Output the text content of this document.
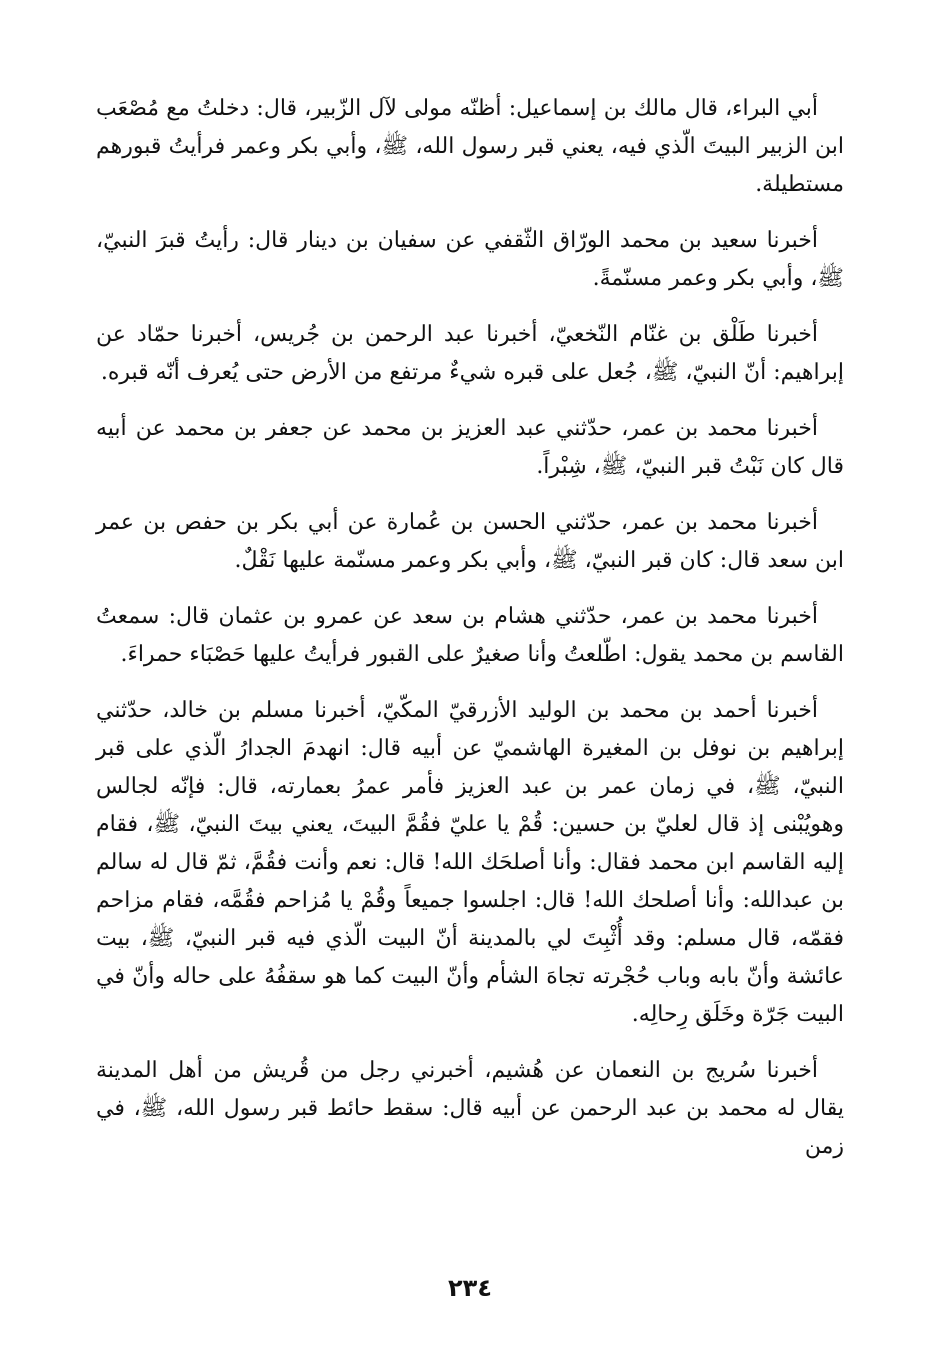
أبي البراء، قال مالك بن إسماعيل: أظنّه مولى لآل الزّبير، قال: دخلتُ مع مُصْعَب ابن الزبير البيتَ الّذي فيه، يعني قبر رسول الله، ﷺ، وأبي بكر وعمر فرأيتُ قبورهم مستطيلة.

أخبرنا سعيد بن محمد الورّاق الثّقفي عن سفيان بن دينار قال: رأيتُ قبرَ النبيّ، ﷺ، وأبي بكر وعمر مسنّمةً.

أخبرنا طَلْق بن غنّام النّخعيّ، أخبرنا عبد الرحمن بن جُريس، أخبرنا حمّاد عن إبراهيم: أنّ النبيّ، ﷺ، جُعل على قبره شيءٌ مرتفع من الأرض حتى يُعرف أنّه قبره.

أخبرنا محمد بن عمر، حدّثني عبد العزيز بن محمد عن جعفر بن محمد عن أبيه قال كان نَبْتُ قبر النبيّ، ﷺ، شِبْراً.

أخبرنا محمد بن عمر، حدّثني الحسن بن عُمارة عن أبي بكر بن حفص بن عمر ابن سعد قال: كان قبر النبيّ، ﷺ، وأبي بكر وعمر مسنّمة عليها نَقْلٌ.

أخبرنا محمد بن عمر، حدّثني هشام بن سعد عن عمرو بن عثمان قال: سمعتُ القاسم بن محمد يقول: اطّلعتُ وأنا صغيرٌ على القبور فرأيتُ عليها حَصْبَاء حمراءَ.

أخبرنا أحمد بن محمد بن الوليد الأزرقيّ المكّيّ، أخبرنا مسلم بن خالد، حدّثني إبراهيم بن نوفل بن المغيرة الهاشميّ عن أبيه قال: انهدمَ الجدارُ الّذي على قبر النبيّ، ﷺ، في زمان عمر بن عبد العزيز فأمر عمرُ بعمارته، قال: فإنّه لجالس وهويُبْنى إذ قال لعليّ بن حسين: قُمْ يا عليّ فقُمَّ البيتَ، يعني بيتَ النبيّ، ﷺ، فقام إليه القاسم ابن محمد فقال: وأنا أصلحَك الله! قال: نعم وأنت فقُمَّ، ثمّ قال له سالم بن عبدالله: وأنا أصلحك الله! قال: اجلسوا جميعاً وقُمْ يا مُزاحم فقُمَّه، فقام مزاحم فقمّه، قال مسلم: وقد أُثْبِتَ لي بالمدينة أنّ البيت الّذي فيه قبر النبيّ، ﷺ، بيت عائشة وأنّ بابه وباب حُجْرته تجاهَ الشأم وأنّ البيت كما هو سقفُهُ على حاله وأنّ في البيت جَرّة وخَلَق رِحالِه.

أخبرنا سُريج بن النعمان عن هُشيم، أخبرني رجل من قُريش من أهل المدينة يقال له محمد بن عبد الرحمن عن أبيه قال: سقط حائط قبر رسول الله، ﷺ، في زمن

٢٣٤
